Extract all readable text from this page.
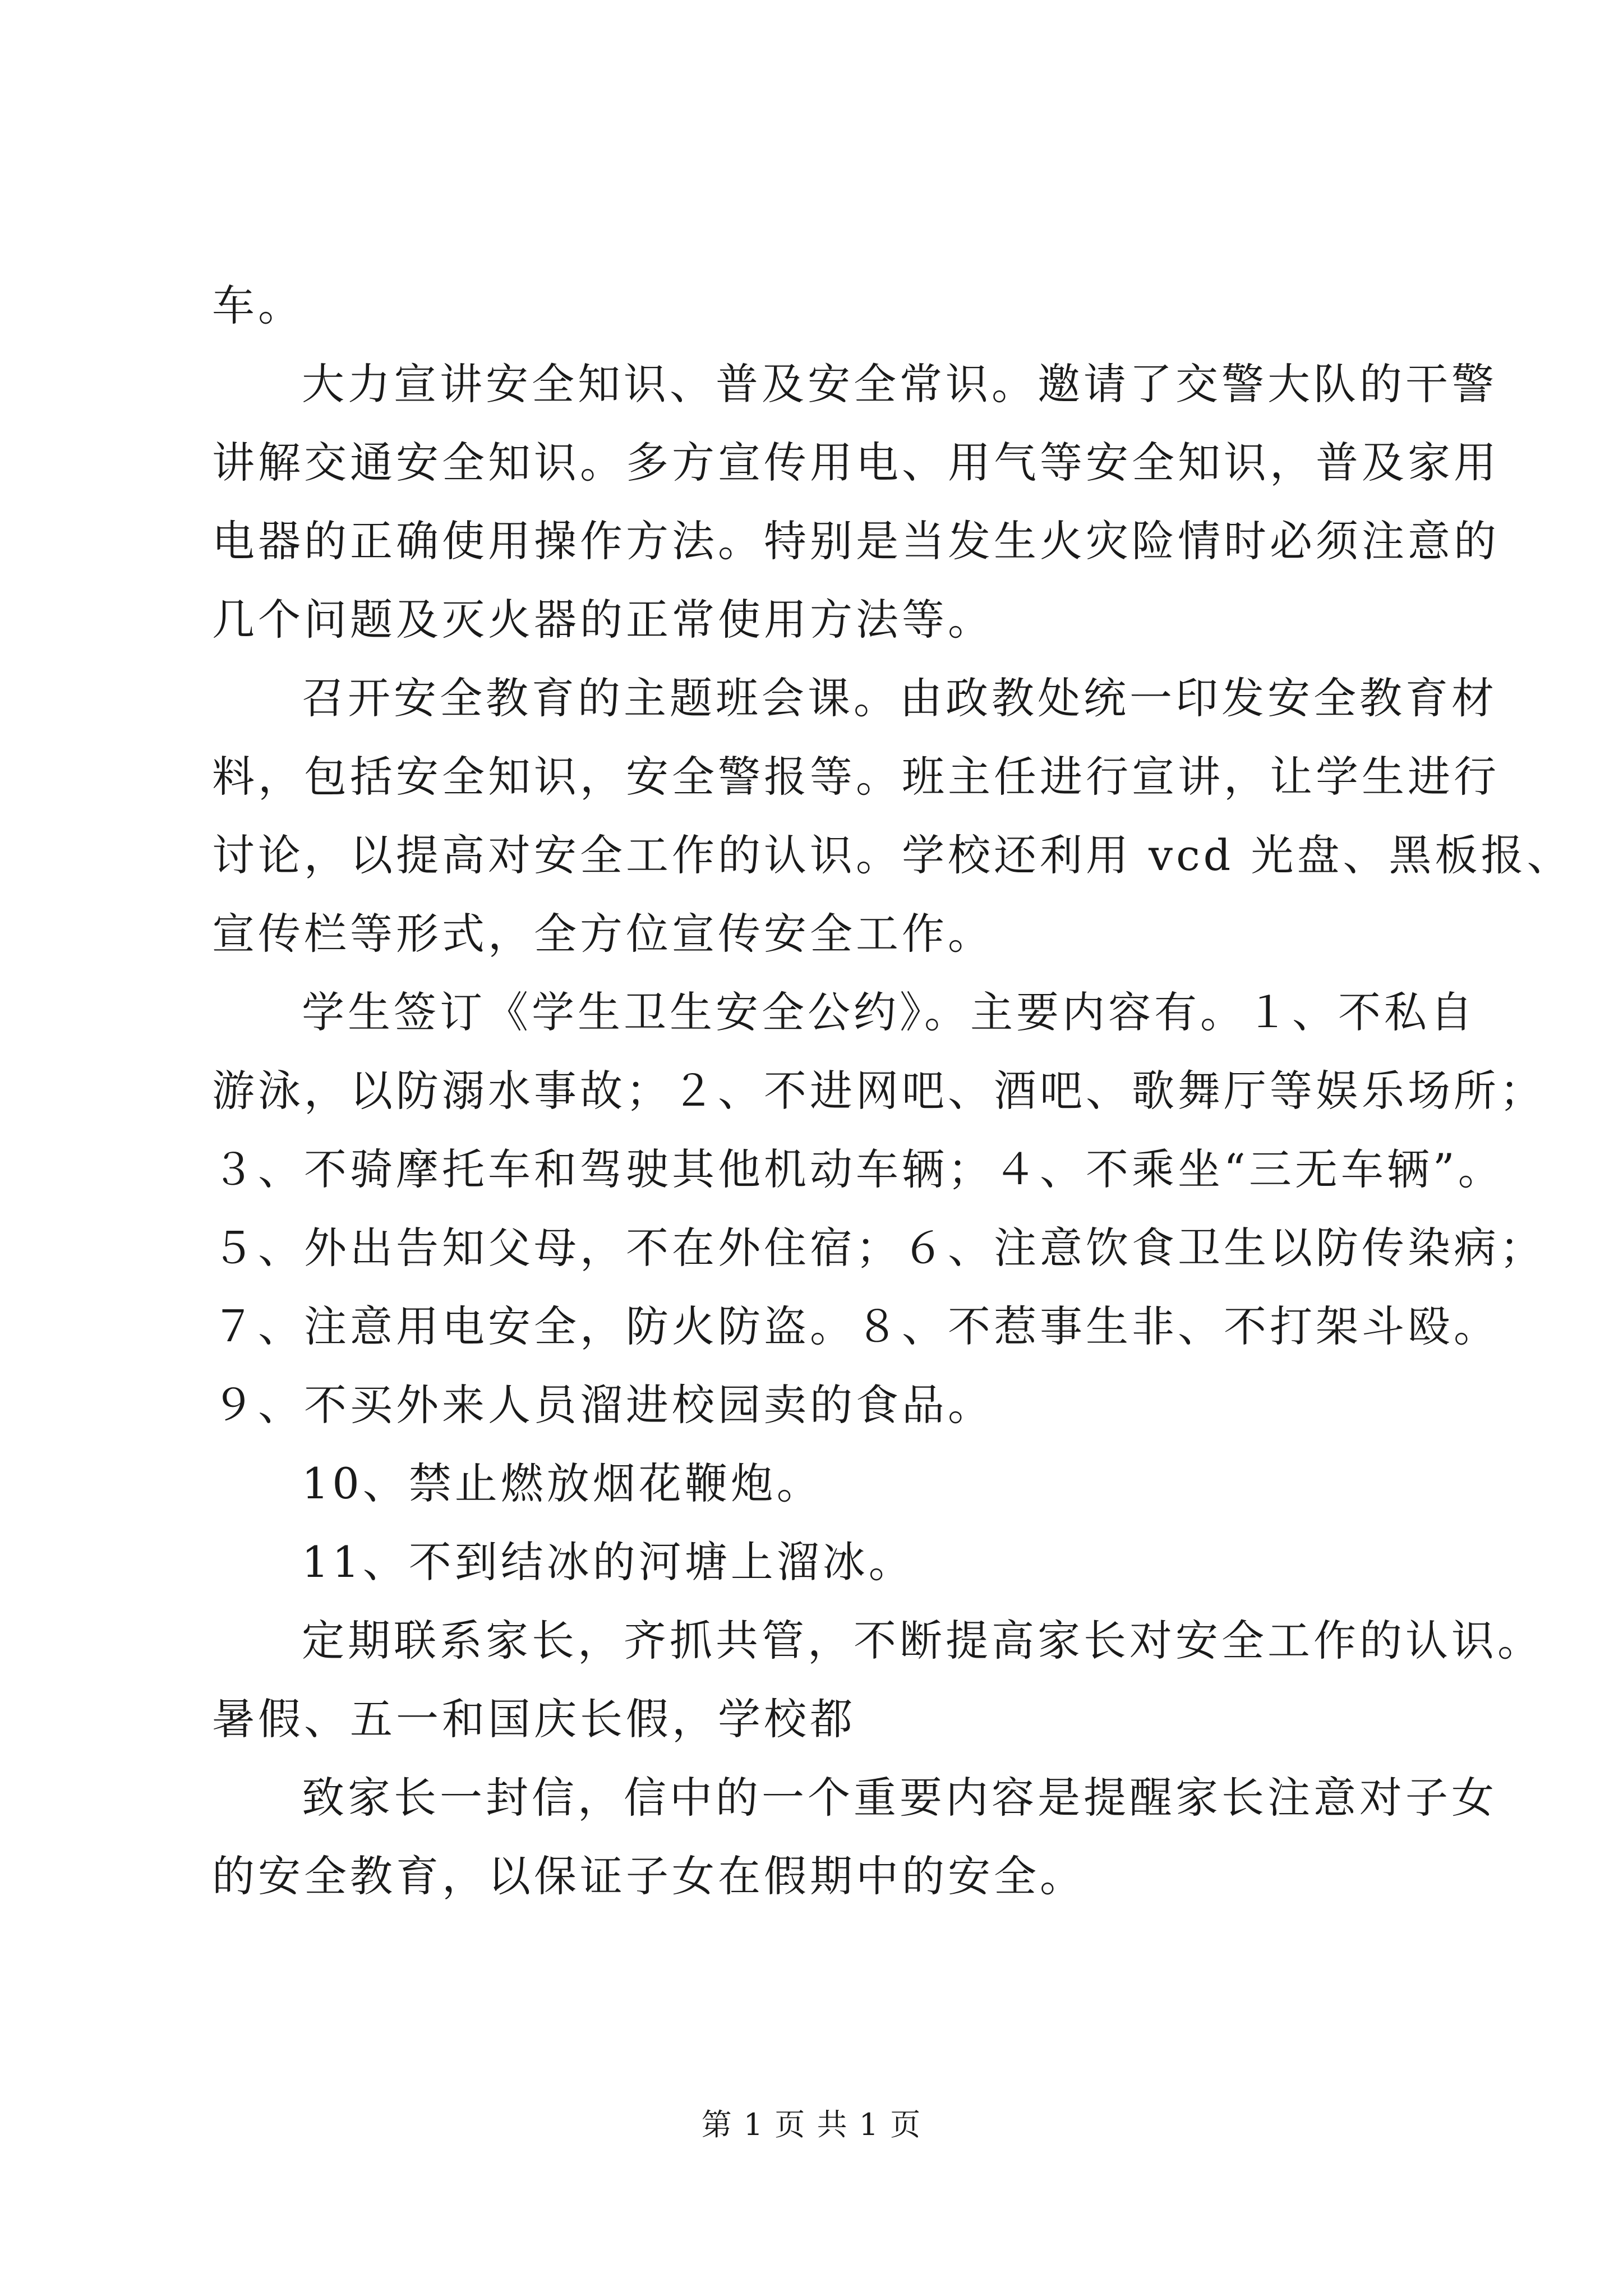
车。
大力宣讲安全知识、普及安全常识。邀请了交警大队的干警
讲解交通安全知识。多方宣传用电、用气等安全知识，普及家用
电器的正确使用操作方法。特别是当发生火灾险情时必须注意的
几个问题及灭火器的正常使用方法等。
召开安全教育的主题班会课。由政教处统一印发安全教育材
料，包括安全知识，安全警报等。班主任进行宣讲，让学生进行
讨论，以提高对安全工作的认识。学校还利用 vcd 光盘、黑板报、
宣传栏等形式，全方位宣传安全工作。
学生签订《学生卫生安全公约》。主要内容有。１、不私自
游泳，以防溺水事故；２、不进网吧、酒吧、歌舞厅等娱乐场所；
３、不骑摩托车和驾驶其他机动车辆；４、不乘坐“三无车辆”。
５、外出告知父母，不在外住宿；６、注意饮食卫生以防传染病；
７、注意用电安全，防火防盗。８、不惹事生非、不打架斗殴。
９、不买外来人员溜进校园卖的食品。
10、禁止燃放烟花鞭炮。
11、不到结冰的河塘上溜冰。
定期联系家长，齐抓共管，不断提高家长对安全工作的认识。
暑假、五一和国庆长假，学校都
致家长一封信，信中的一个重要内容是提醒家长注意对子女
的安全教育，以保证子女在假期中的安全。
第 1 页 共 1 页
